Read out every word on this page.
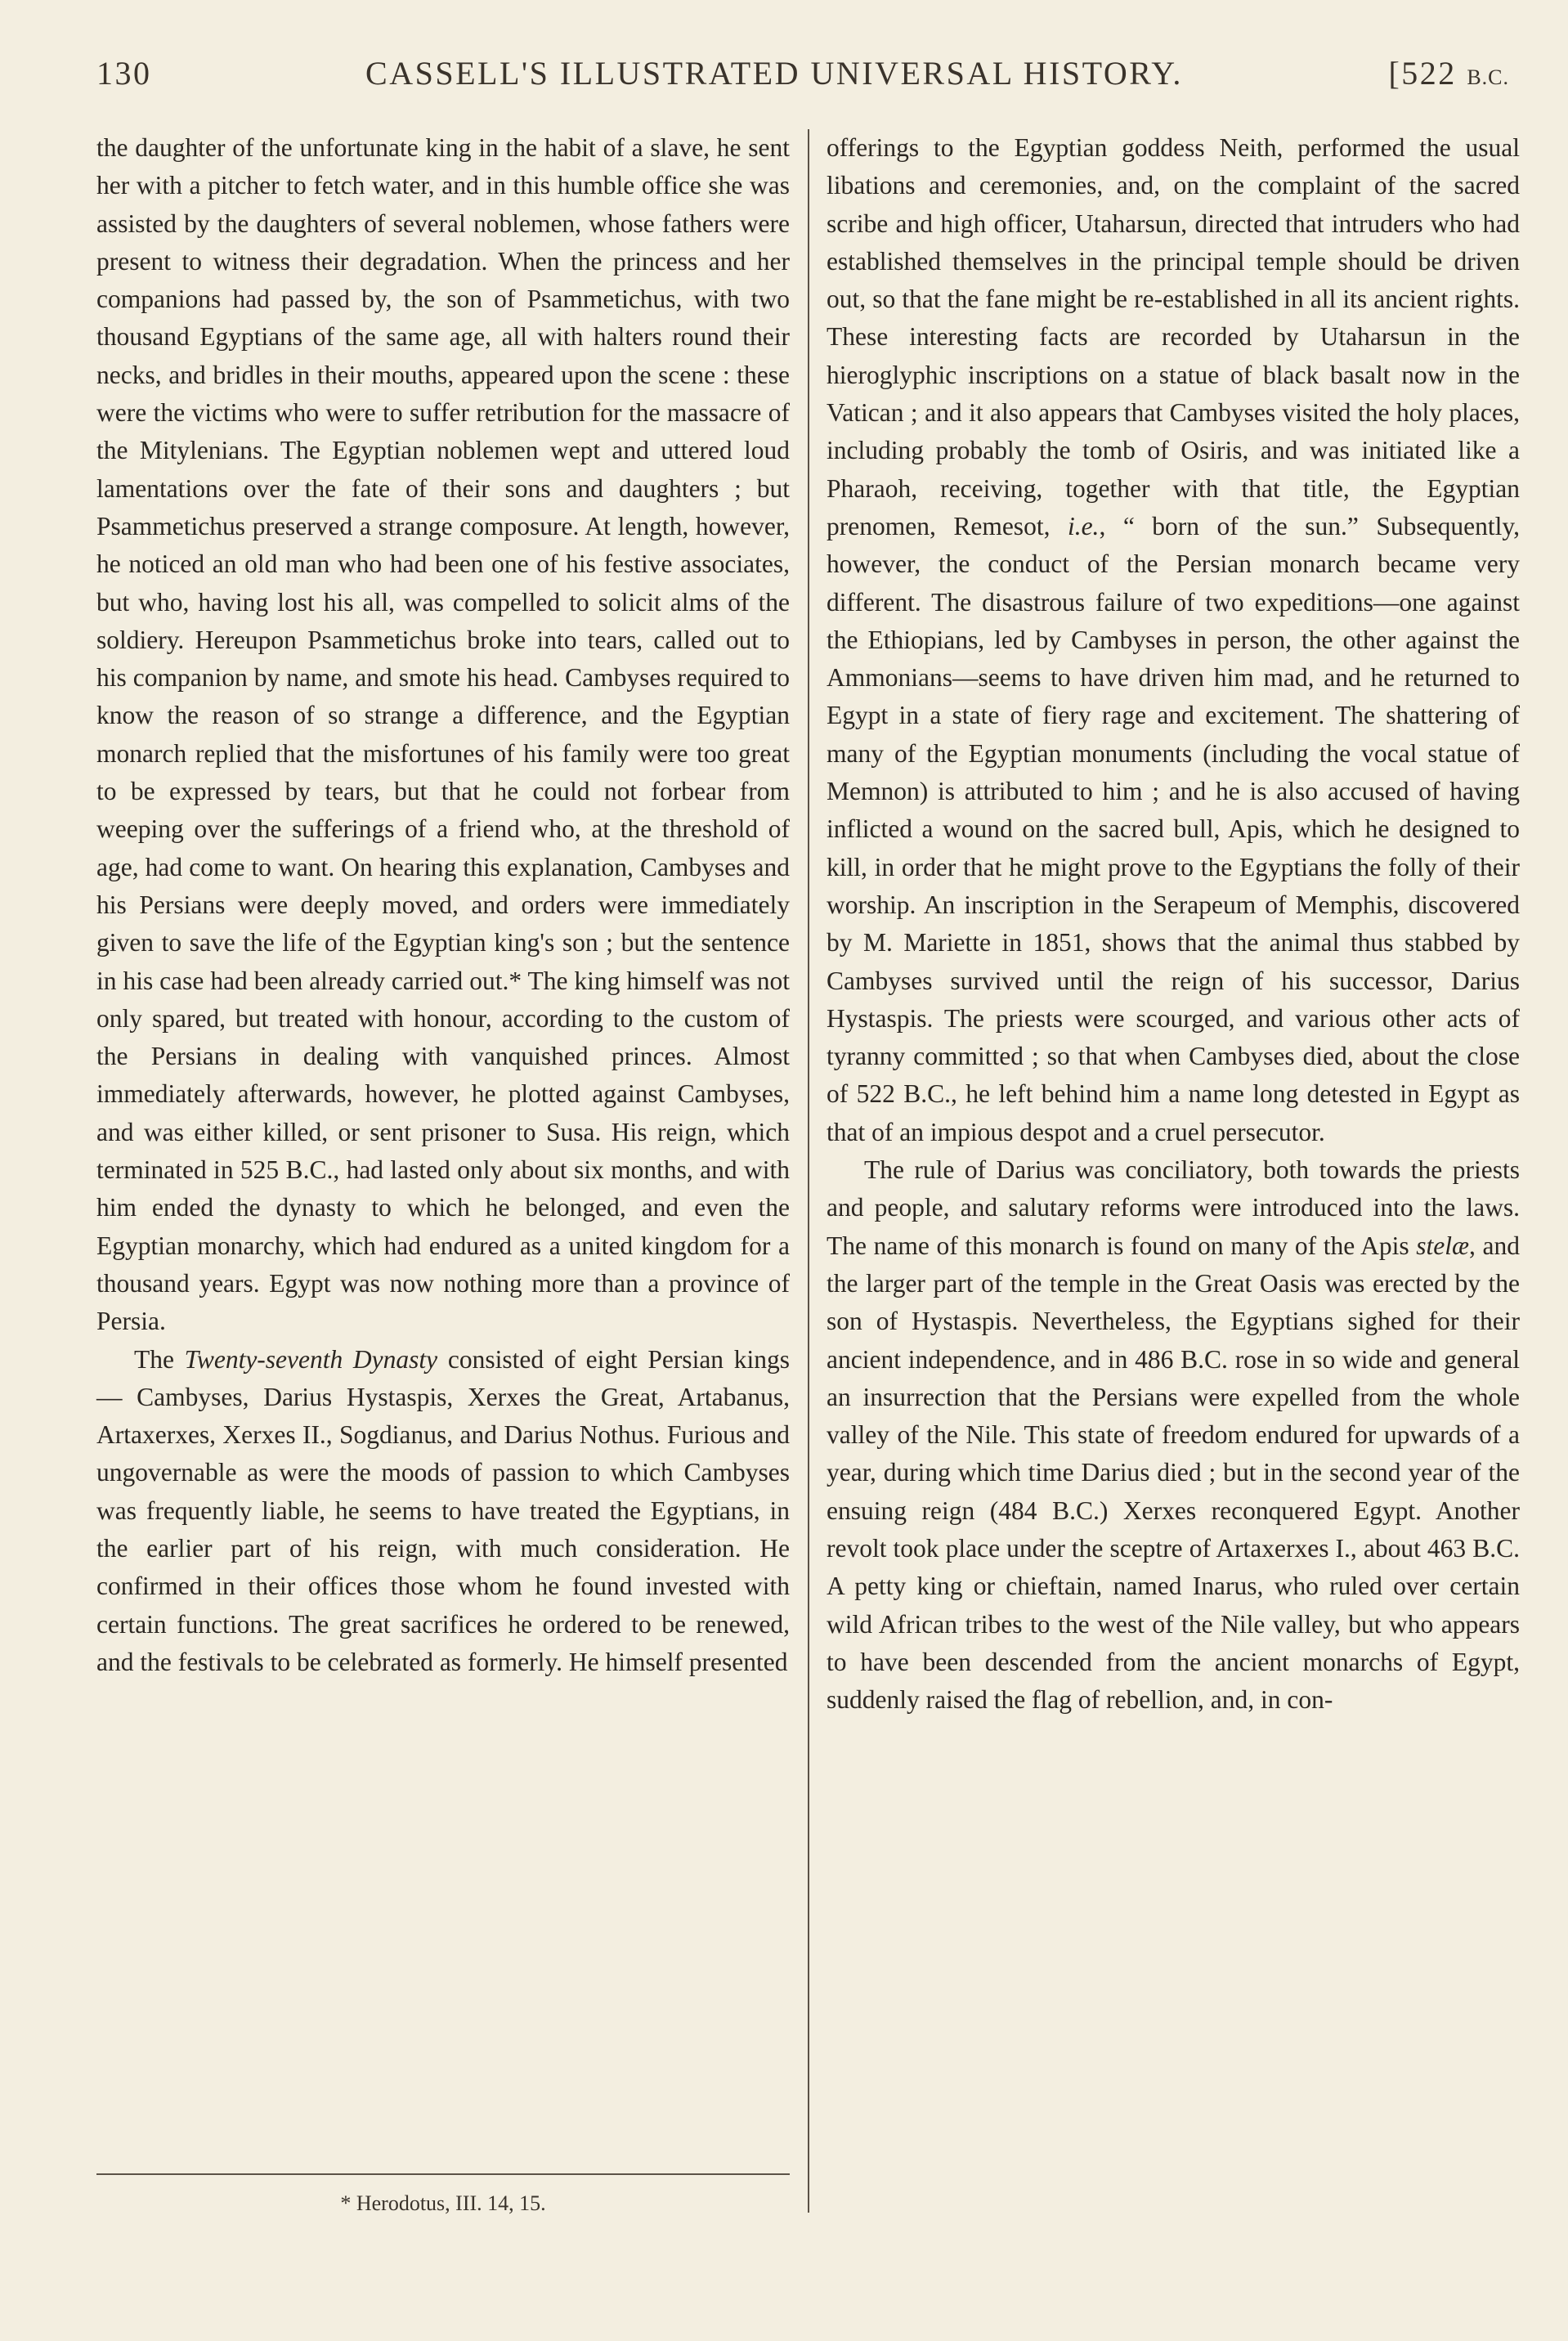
130	CASSELL'S ILLUSTRATED UNIVERSAL HISTORY.	[522 B.C.

the daughter of the unfortunate king in the habit of a slave, he sent her with a pitcher to fetch water, and in this humble office she was assisted by the daughters of several noblemen, whose fathers were present to witness their degradation. When the princess and her companions had passed by, the son of Psammetichus, with two thousand Egyptians of the same age, all with halters round their necks, and bridles in their mouths, appeared upon the scene : these were the victims who were to suffer retribution for the massacre of the Mitylenians. The Egyptian noblemen wept and uttered loud lamentations over the fate of their sons and daughters ; but Psammetichus preserved a strange composure. At length, however, he noticed an old man who had been one of his festive associates, but who, having lost his all, was compelled to solicit alms of the soldiery. Hereupon Psammetichus broke into tears, called out to his companion by name, and smote his head. Cambyses required to know the reason of so strange a difference, and the Egyptian monarch replied that the misfortunes of his family were too great to be expressed by tears, but that he could not forbear from weeping over the sufferings of a friend who, at the threshold of age, had come to want. On hearing this explanation, Cambyses and his Persians were deeply moved, and orders were immediately given to save the life of the Egyptian king's son ; but the sentence in his case had been already carried out.* The king himself was not only spared, but treated with honour, according to the custom of the Persians in dealing with vanquished princes. Almost immediately afterwards, however, he plotted against Cambyses, and was either killed, or sent prisoner to Susa. His reign, which terminated in 525 B.C., had lasted only about six months, and with him ended the dynasty to which he belonged, and even the Egyptian monarchy, which had endured as a united kingdom for a thousand years. Egypt was now nothing more than a province of Persia.

The Twenty-seventh Dynasty consisted of eight Persian kings — Cambyses, Darius Hystaspis, Xerxes the Great, Artabanus, Artaxerxes, Xerxes II., Sogdianus, and Darius Nothus. Furious and ungovernable as were the moods of passion to which Cambyses was frequently liable, he seems to have treated the Egyptians, in the earlier part of his reign, with much consideration. He confirmed in their offices those whom he found invested with certain functions. The great sacrifices he ordered to be renewed, and the festivals to be celebrated as formerly. He himself presented

* Herodotus, III. 14, 15.

offerings to the Egyptian goddess Neith, performed the usual libations and ceremonies, and, on the complaint of the sacred scribe and high officer, Utaharsun, directed that intruders who had established themselves in the principal temple should be driven out, so that the fane might be re-established in all its ancient rights. These interesting facts are recorded by Utaharsun in the hieroglyphic inscriptions on a statue of black basalt now in the Vatican ; and it also appears that Cambyses visited the holy places, including probably the tomb of Osiris, and was initiated like a Pharaoh, receiving, together with that title, the Egyptian prenomen, Remesot, i.e., “ born of the sun.” Subsequently, however, the conduct of the Persian monarch became very different. The disastrous failure of two expeditions—one against the Ethiopians, led by Cambyses in person, the other against the Ammonians—seems to have driven him mad, and he returned to Egypt in a state of fiery rage and excitement. The shattering of many of the Egyptian monuments (including the vocal statue of Memnon) is attributed to him ; and he is also accused of having inflicted a wound on the sacred bull, Apis, which he designed to kill, in order that he might prove to the Egyptians the folly of their worship. An inscription in the Serapeum of Memphis, discovered by M. Mariette in 1851, shows that the animal thus stabbed by Cambyses survived until the reign of his successor, Darius Hystaspis. The priests were scourged, and various other acts of tyranny committed ; so that when Cambyses died, about the close of 522 B.C., he left behind him a name long detested in Egypt as that of an impious despot and a cruel persecutor.

The rule of Darius was conciliatory, both towards the priests and people, and salutary reforms were introduced into the laws. The name of this monarch is found on many of the Apis stelæ, and the larger part of the temple in the Great Oasis was erected by the son of Hystaspis. Nevertheless, the Egyptians sighed for their ancient independence, and in 486 B.C. rose in so wide and general an insurrection that the Persians were expelled from the whole valley of the Nile. This state of freedom endured for upwards of a year, during which time Darius died ; but in the second year of the ensuing reign (484 B.C.) Xerxes reconquered Egypt. Another revolt took place under the sceptre of Artaxerxes I., about 463 B.C. A petty king or chieftain, named Inarus, who ruled over certain wild African tribes to the west of the Nile valley, but who appears to have been descended from the ancient monarchs of Egypt, suddenly raised the flag of rebellion, and, in con-
